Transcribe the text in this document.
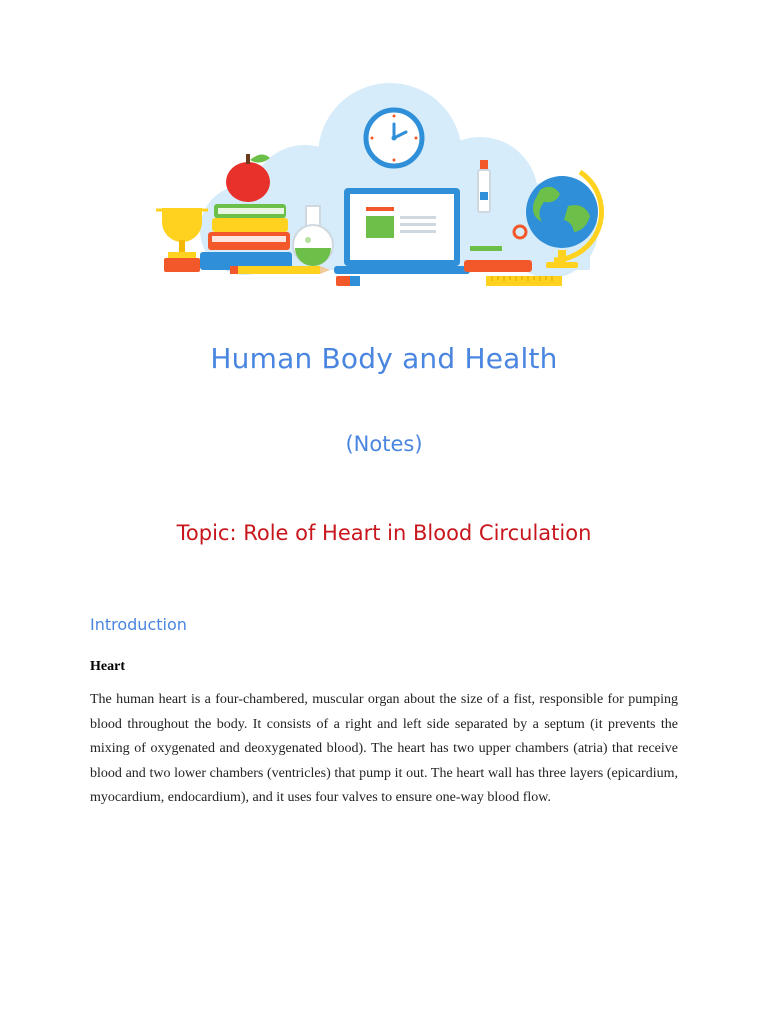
Human Body and Health
(Notes)
Topic: Role of Heart in Blood Circulation
Introduction
Heart

The human heart is a four-chambered, muscular organ about the size of a fist, responsible for pumping blood throughout the body. It consists of a right and left side separated by a septum (it prevents the mixing of oxygenated and deoxygenated blood). The heart has two upper chambers (atria) that receive blood and two lower chambers (ventricles) that pump it out. The heart wall has three layers (epicardium, myocardium, endocardium), and it uses four valves to ensure one-way blood flow.
